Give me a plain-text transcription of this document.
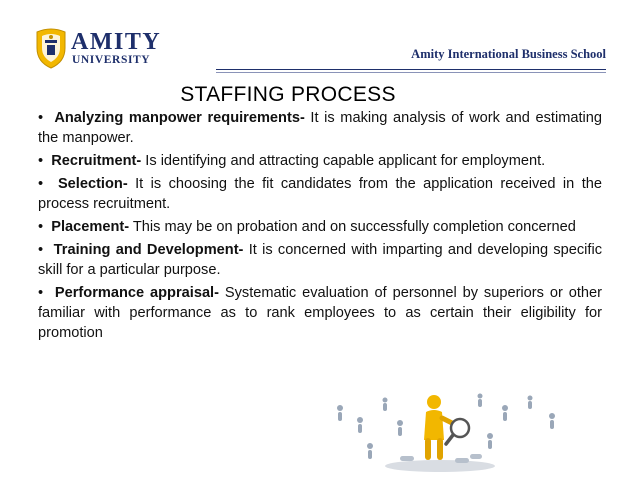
AMITY
UNIVERSITY	Amity International Business School
STAFFING PROCESS
• Analyzing manpower requirements- It is making analysis of work and estimating the manpower.
• Recruitment- Is identifying and attracting capable applicant for employment.
• Selection- It is choosing the fit candidates from the application received in the process recruitment.
• Placement- This may be on probation and on successfully completion concerned
• Training and Development- It is concerned with imparting and developing specific skill for a particular purpose.
• Performance appraisal- Systematic evaluation of personnel by superiors or other familiar with performance as to rank employees to as certain their eligibility for promotion
